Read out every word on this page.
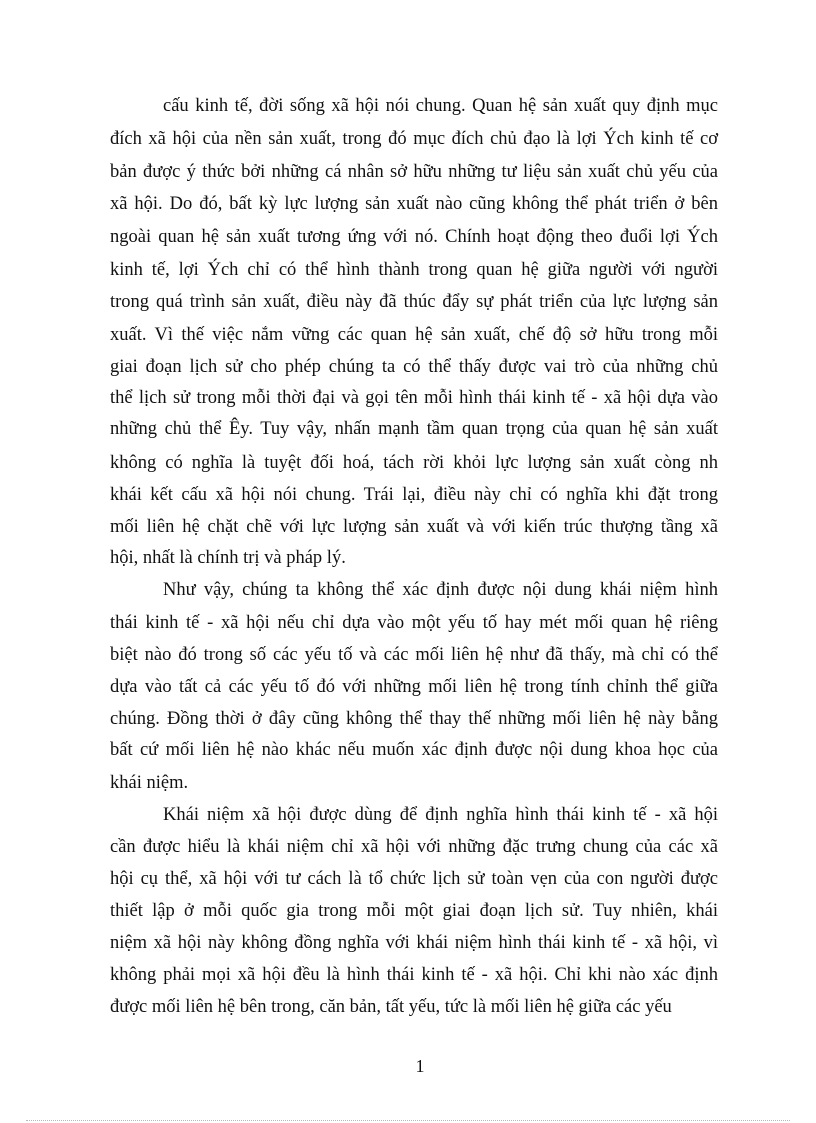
cấu kinh tế, đời sống xã hội nói chung. Quan hệ sản xuất quy định mục
đích xã hội của nền sản xuất, trong đó mục đích chủ đạo là lợi Ých kinh tế cơ
bản được ý thức bởi những cá nhân sở hữu những tư liệu sản xuất chủ yếu của
xã hội. Do đó, bất kỳ lực lượng sản xuất nào cũng không thể phát triển ở bên
ngoài quan hệ sản xuất tương ứng với nó. Chính hoạt động theo đuổi lợi Ých
kinh tế, lợi Ých chỉ có thể hình thành trong quan hệ giữa người với người
trong quá trình sản xuất, điều này đã thúc đẩy sự phát triển của lực lượng sản
xuất. Vì thế việc nắm vững các quan hệ sản xuất, chế độ sở hữu trong mỗi
giai đoạn lịch sử cho phép chúng ta có thể thấy được vai trò của những chủ
thể lịch sử trong mỗi thời đại và gọi tên mỗi hình thái kinh tế - xã hội dựa vào
những chủ thể Êy. Tuy vậy, nhấn mạnh tầm quan trọng của quan hệ sản xuất
không có nghĩa là tuyệt đối hoá, tách rời khỏi lực lượng sản xuất còng nh
khái kết cấu xã hội nói chung. Trái lại, điều này chỉ có nghĩa khi đặt trong
mối liên hệ chặt chẽ với lực lượng sản xuất và với kiến trúc thượng tầng xã
hội, nhất là chính trị và pháp lý.
Như vậy, chúng ta không thể xác định được nội dung khái niệm hình
thái kinh tế - xã hội nếu chỉ dựa vào một yếu tố hay mét mối quan hệ riêng
biệt nào đó trong số các yếu tố và các mối liên hệ như đã thấy, mà chỉ có thể
dựa vào tất cả các yếu tố đó với những mối liên hệ trong tính chỉnh thể giữa
chúng. Đồng thời ở đây cũng không thể thay thế những mối liên hệ này bằng
bất cứ mối liên hệ nào khác nếu muốn xác định được nội dung khoa học của
khái niệm.
Khái niệm xã hội được dùng để định nghĩa hình thái kinh tế - xã hội
cần được hiểu là khái niệm chỉ xã hội với những đặc trưng chung của các xã
hội cụ thể, xã hội với tư cách là tổ chức lịch sử toàn vẹn của con người được
thiết lập ở mỗi quốc gia trong mỗi một giai đoạn lịch sử. Tuy nhiên, khái
niệm xã hội này không đồng nghĩa với khái niệm hình thái kinh tế - xã hội, vì
không phải mọi xã hội đều là hình thái kinh tế - xã hội. Chỉ khi nào xác định
được mối liên hệ bên trong, căn bản, tất yếu, tức là mối liên hệ giữa các yếu
1
